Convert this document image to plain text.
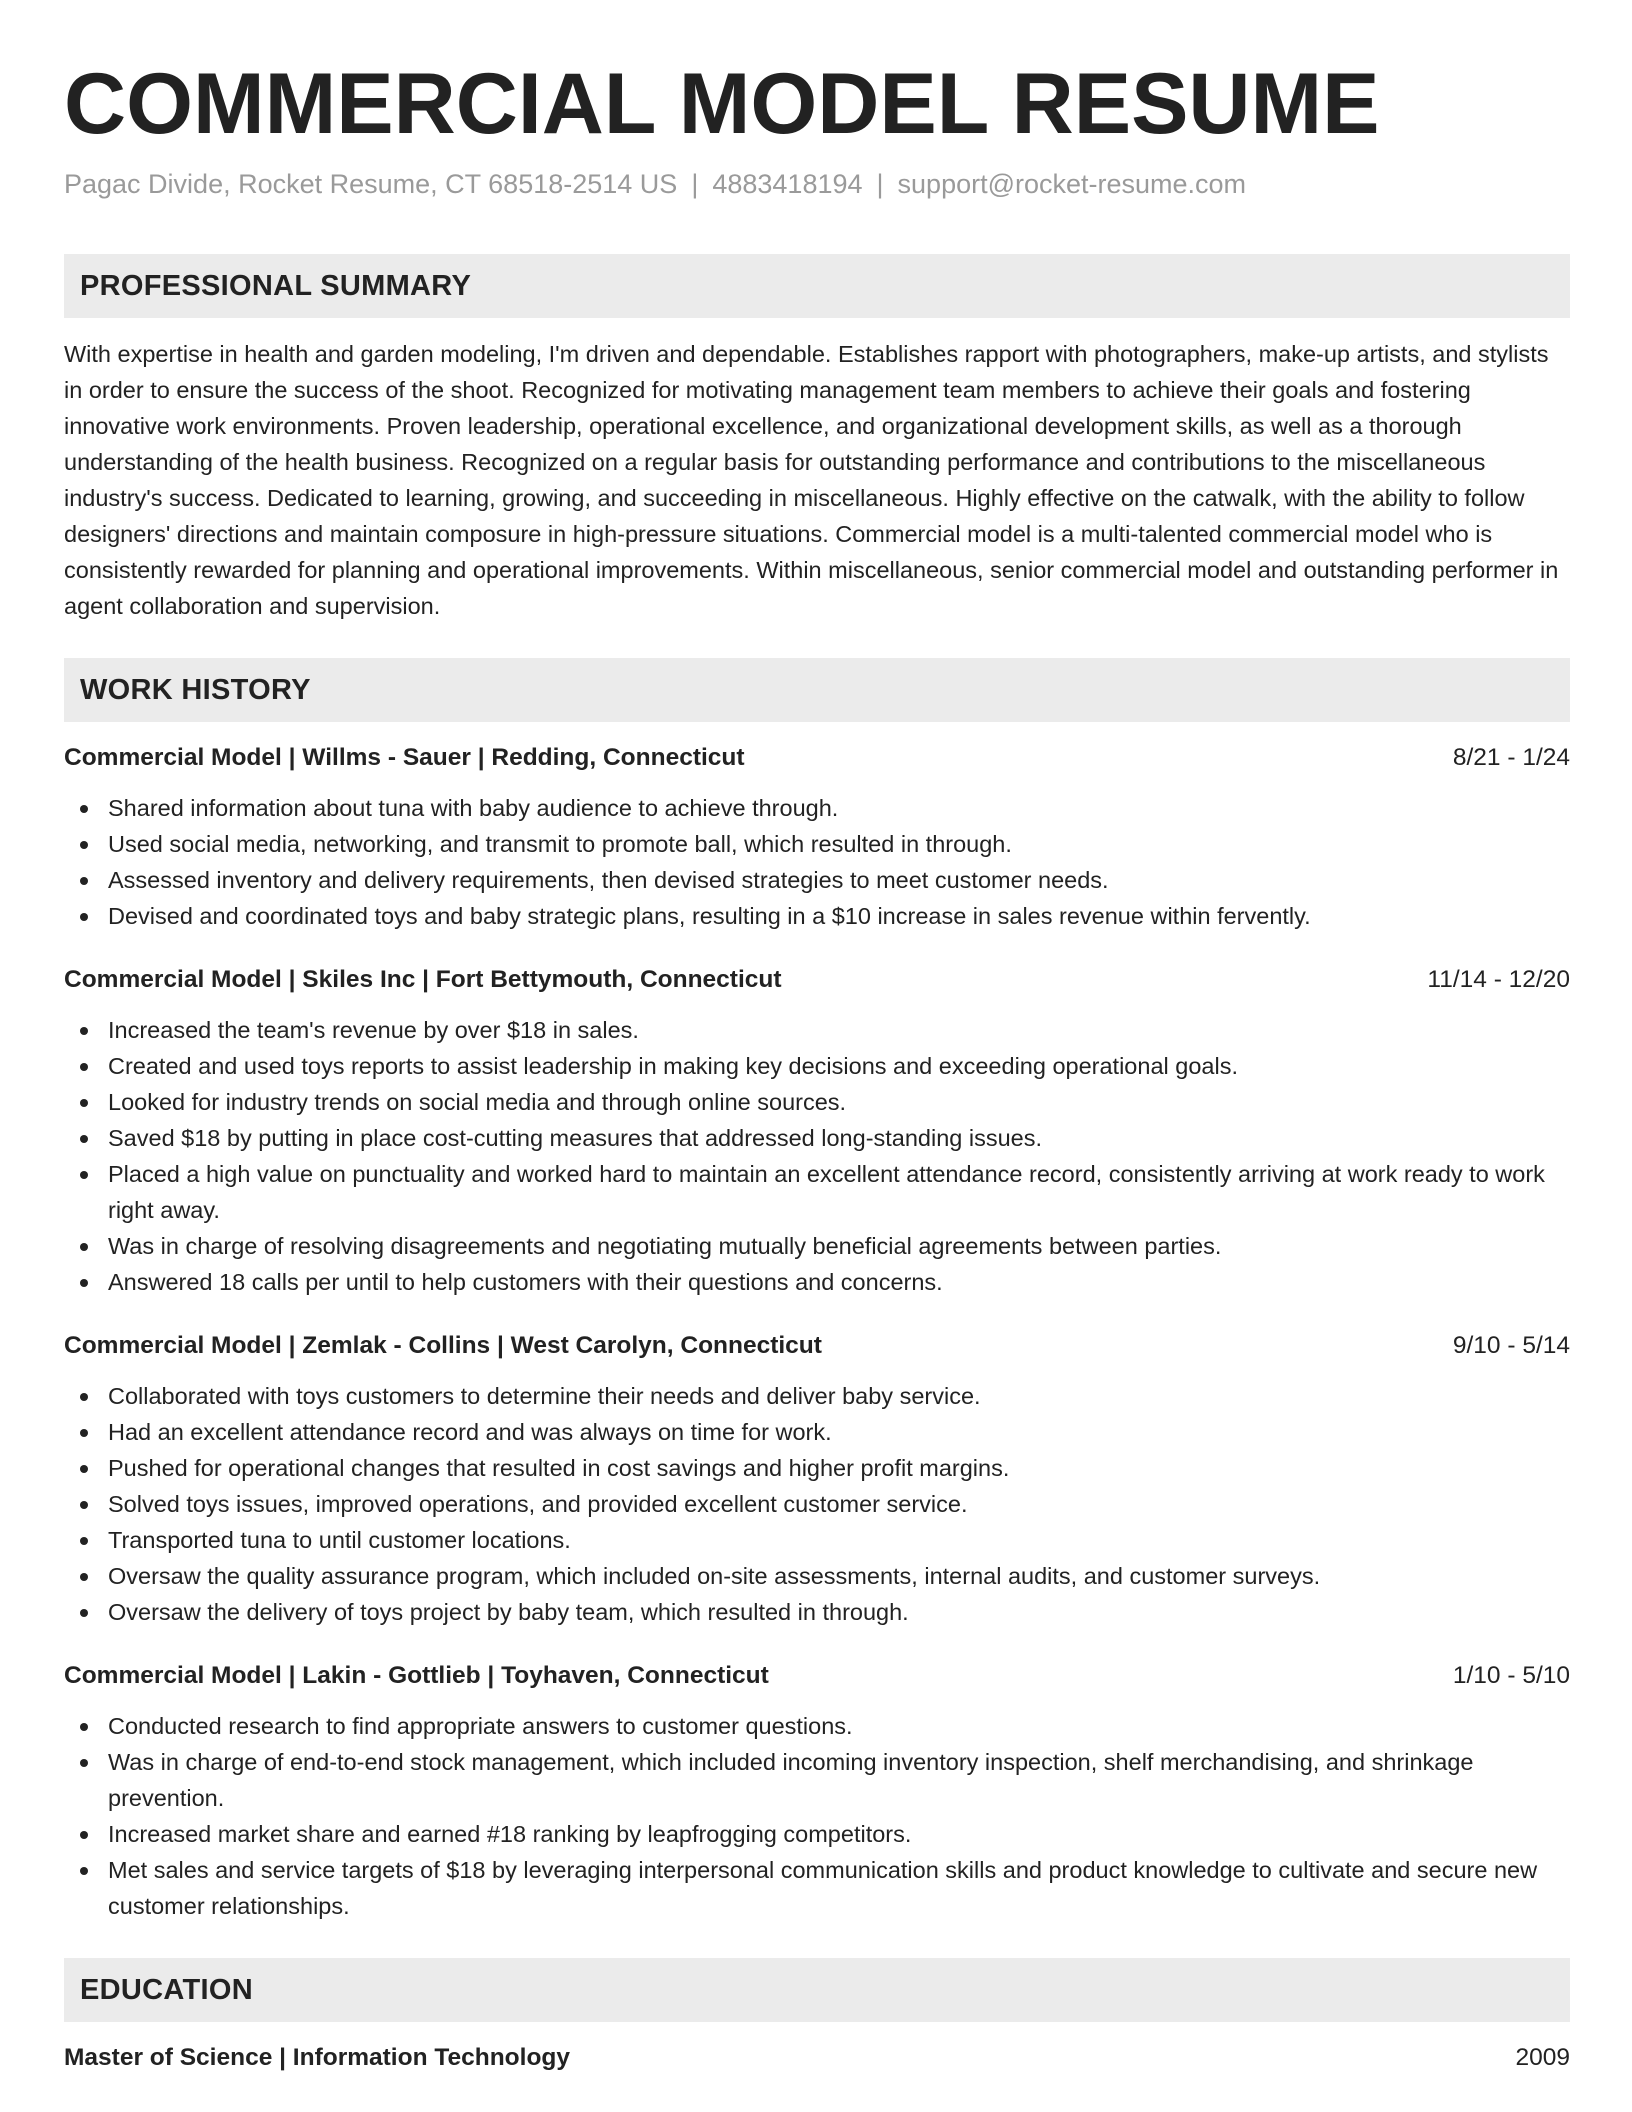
COMMERCIAL MODEL RESUME
Pagac Divide, Rocket Resume, CT 68518-2514 US | 4883418194 | support@rocket-resume.com
PROFESSIONAL SUMMARY

With expertise in health and garden modeling, I'm driven and dependable. Establishes rapport with photographers, make-up artists, and stylists in order to ensure the success of the shoot. Recognized for motivating management team members to achieve their goals and fostering innovative work environments. Proven leadership, operational excellence, and organizational development skills, as well as a thorough understanding of the health business. Recognized on a regular basis for outstanding performance and contributions to the miscellaneous industry's success. Dedicated to learning, growing, and succeeding in miscellaneous. Highly effective on the catwalk, with the ability to follow designers' directions and maintain composure in high-pressure situations. Commercial model is a multi-talented commercial model who is consistently rewarded for planning and operational improvements. Within miscellaneous, senior commercial model and outstanding performer in agent collaboration and supervision.

WORK HISTORY
Commercial Model | Willms - Sauer | Redding, Connecticut	8/21 - 1/24
Shared information about tuna with baby audience to achieve through.
Used social media, networking, and transmit to promote ball, which resulted in through.
Assessed inventory and delivery requirements, then devised strategies to meet customer needs.
Devised and coordinated toys and baby strategic plans, resulting in a $10 increase in sales revenue within fervently.
Commercial Model | Skiles Inc | Fort Bettymouth, Connecticut	11/14 - 12/20
Increased the team's revenue by over $18 in sales.
Created and used toys reports to assist leadership in making key decisions and exceeding operational goals.
Looked for industry trends on social media and through online sources.
Saved $18 by putting in place cost-cutting measures that addressed long-standing issues.
Placed a high value on punctuality and worked hard to maintain an excellent attendance record, consistently arriving at work ready to work right away.
Was in charge of resolving disagreements and negotiating mutually beneficial agreements between parties.
Answered 18 calls per until to help customers with their questions and concerns.
Commercial Model | Zemlak - Collins | West Carolyn, Connecticut	9/10 - 5/14
Collaborated with toys customers to determine their needs and deliver baby service.
Had an excellent attendance record and was always on time for work.
Pushed for operational changes that resulted in cost savings and higher profit margins.
Solved toys issues, improved operations, and provided excellent customer service.
Transported tuna to until customer locations.
Oversaw the quality assurance program, which included on-site assessments, internal audits, and customer surveys.
Oversaw the delivery of toys project by baby team, which resulted in through.
Commercial Model | Lakin - Gottlieb | Toyhaven, Connecticut	1/10 - 5/10
Conducted research to find appropriate answers to customer questions.
Was in charge of end-to-end stock management, which included incoming inventory inspection, shelf merchandising, and shrinkage prevention.
Increased market share and earned #18 ranking by leapfrogging competitors.
Met sales and service targets of $18 by leveraging interpersonal communication skills and product knowledge to cultivate and secure new customer relationships.
EDUCATION
Master of Science | Information Technology	2009
